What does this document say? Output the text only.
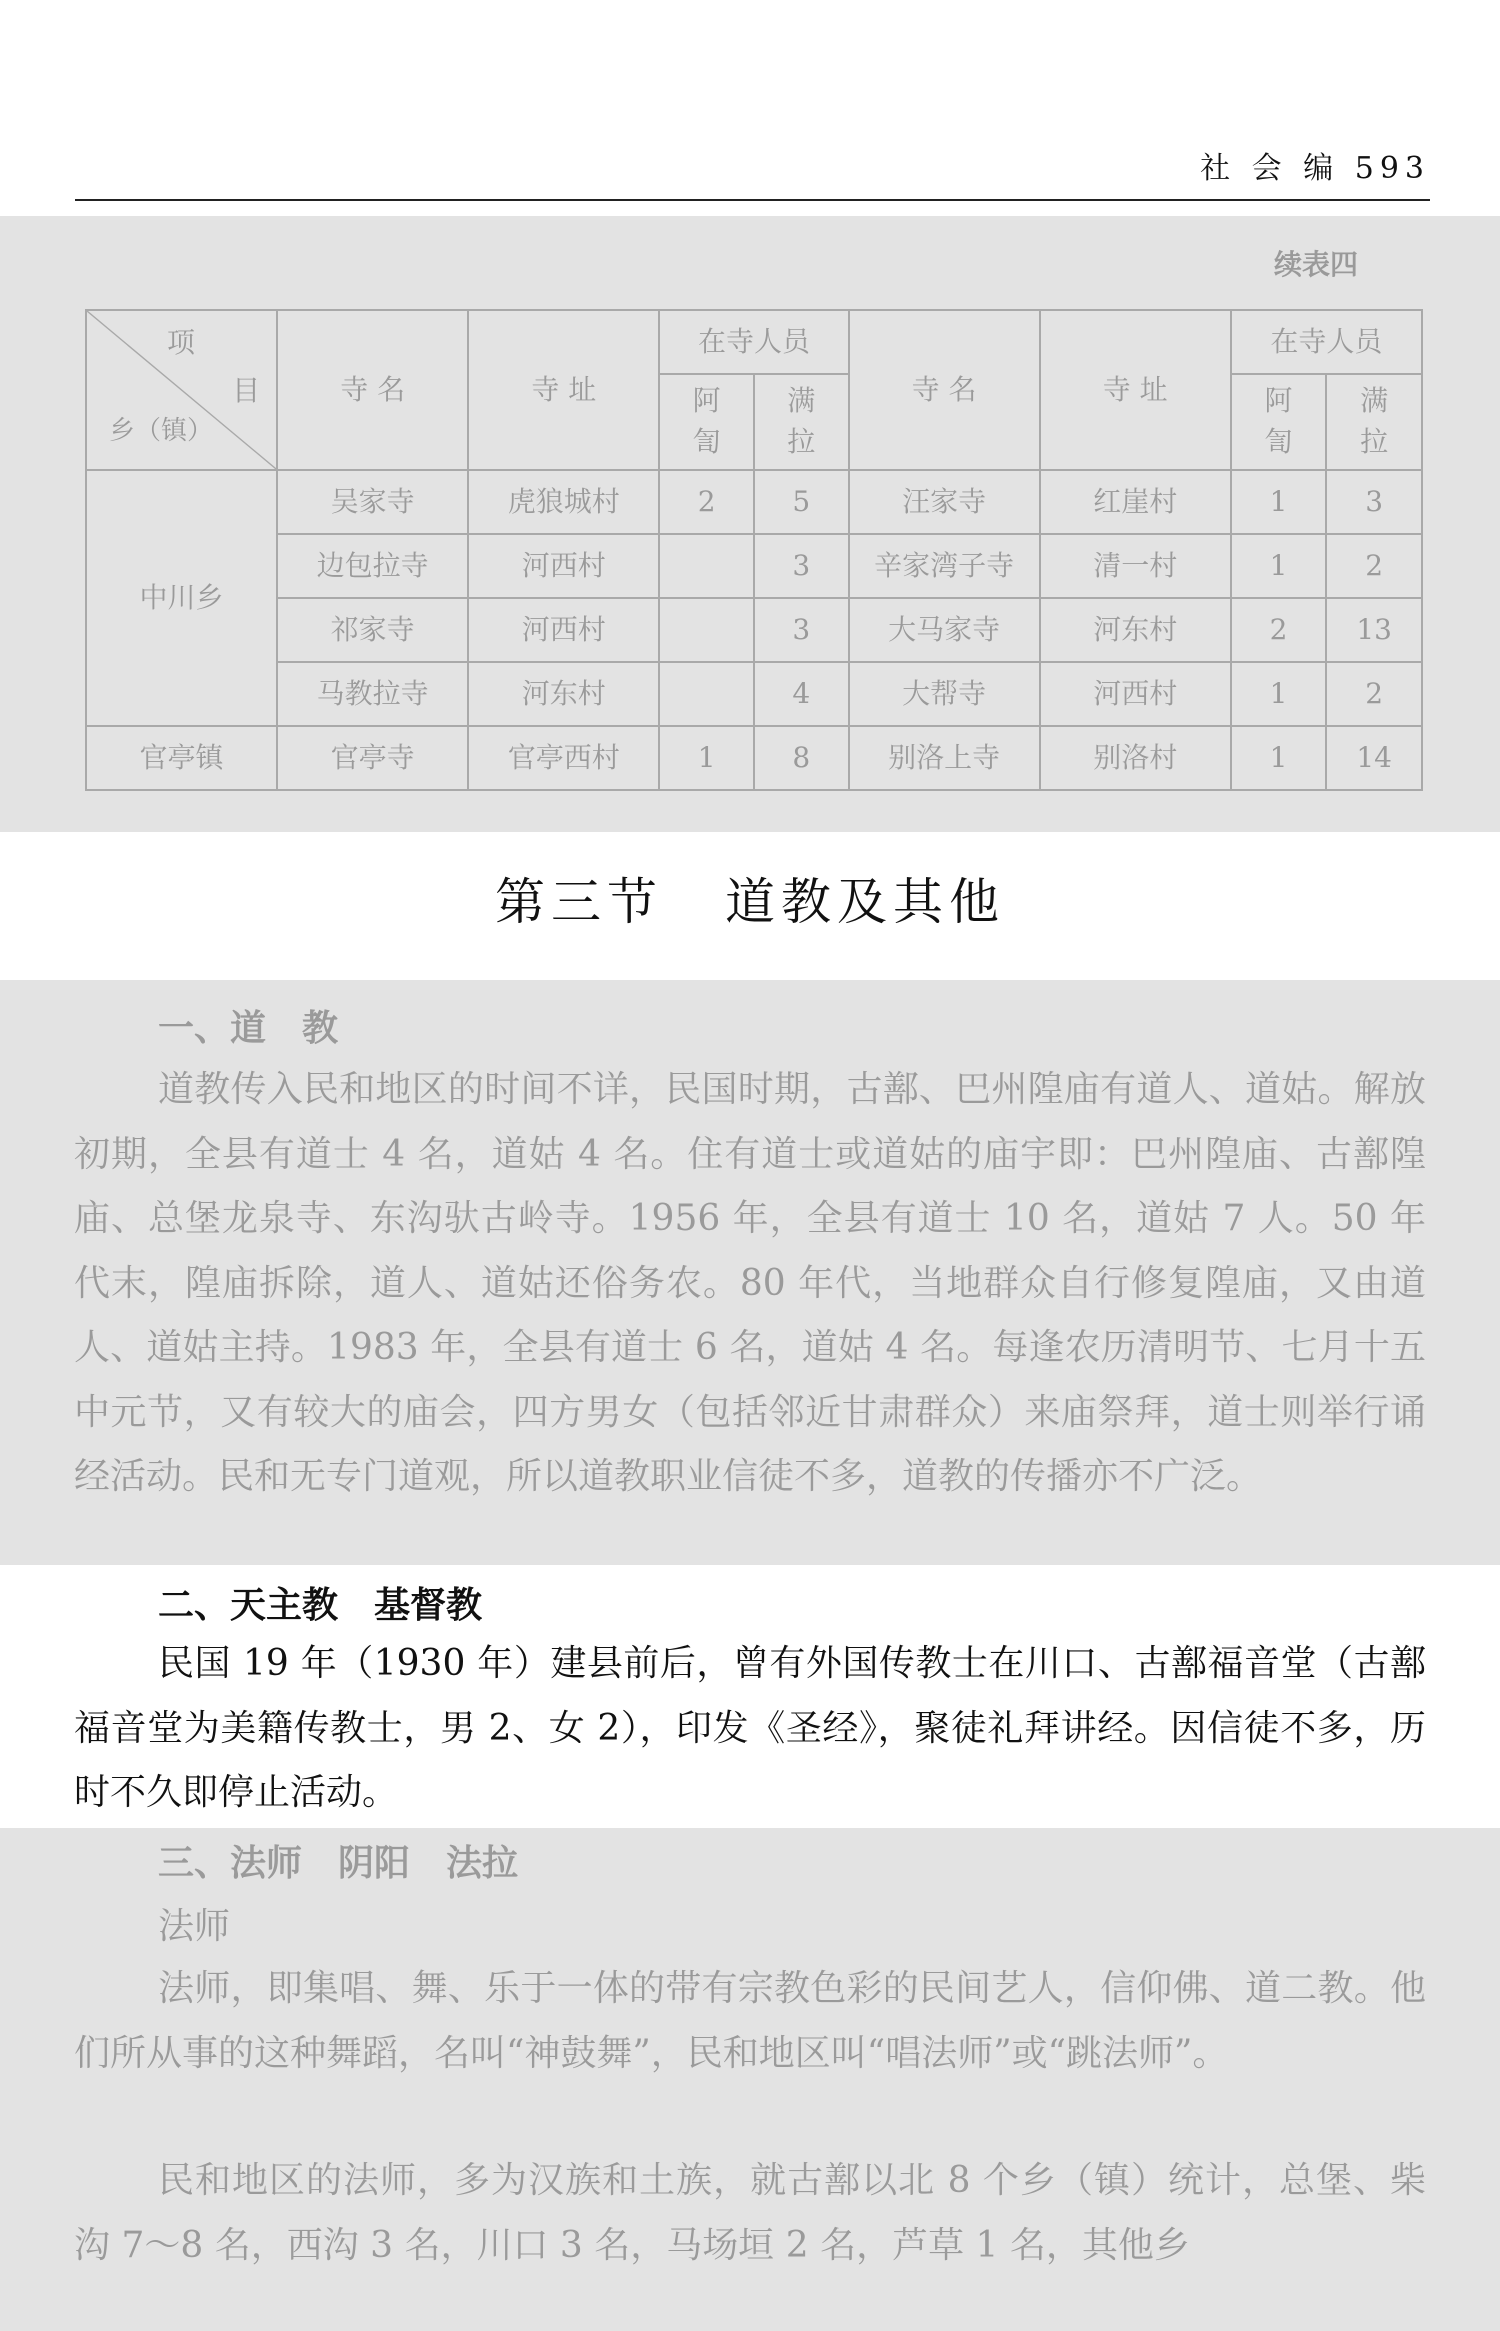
社 会 编 593
续表四
项
目
乡（镇）	寺 名	寺 址	在寺人员		寺 名	寺 址	在寺人员	
			阿訇	满拉			阿訇	满拉
中川乡	吴家寺	虎狼城村	2	5	汪家寺	红崖村	1	3
	边包拉寺	河西村		3	辛家湾子寺	清一村	1	2
	祁家寺	河西村		3	大马家寺	河东村	2	13
	马教拉寺	河东村		4	大帮寺	河西村	1	2
官亭镇	官亭寺	官亭西村	1	8	别洛上寺	别洛村	1	14
第三节 道教及其他
一、道　教

道教传入民和地区的时间不详，民国时期，古鄯、巴州隍庙有道人、道姑。解放初期，全县有道士 4 名，道姑 4 名。住有道士或道姑的庙宇即：巴州隍庙、古鄯隍庙、总堡龙泉寺、东沟驮古岭寺。1956 年，全县有道士 10 名，道姑 7 人。50 年代末，隍庙拆除，道人、道姑还俗务农。80 年代，当地群众自行修复隍庙，又由道人、道姑主持。1983 年，全县有道士 6 名，道姑 4 名。每逢农历清明节、七月十五中元节，又有较大的庙会，四方男女（包括邻近甘肃群众）来庙祭拜，道士则举行诵经活动。民和无专门道观，所以道教职业信徒不多，道教的传播亦不广泛。

二、天主教　基督教

民国 19 年（1930 年）建县前后，曾有外国传教士在川口、古鄯福音堂（古鄯福音堂为美籍传教士，男 2、女 2），印发《圣经》，聚徒礼拜讲经。因信徒不多，历时不久即停止活动。

三、法师　阴阳　法拉
法师

法师，即集唱、舞、乐于一体的带有宗教色彩的民间艺人，信仰佛、道二教。他们所从事的这种舞蹈，名叫“神鼓舞”，民和地区叫“唱法师”或“跳法师”。

民和地区的法师，多为汉族和土族，就古鄯以北 8 个乡（镇）统计，总堡、柴沟 7～8 名，西沟 3 名，川口 3 名，马场垣 2 名，芦草 1 名，其他乡
